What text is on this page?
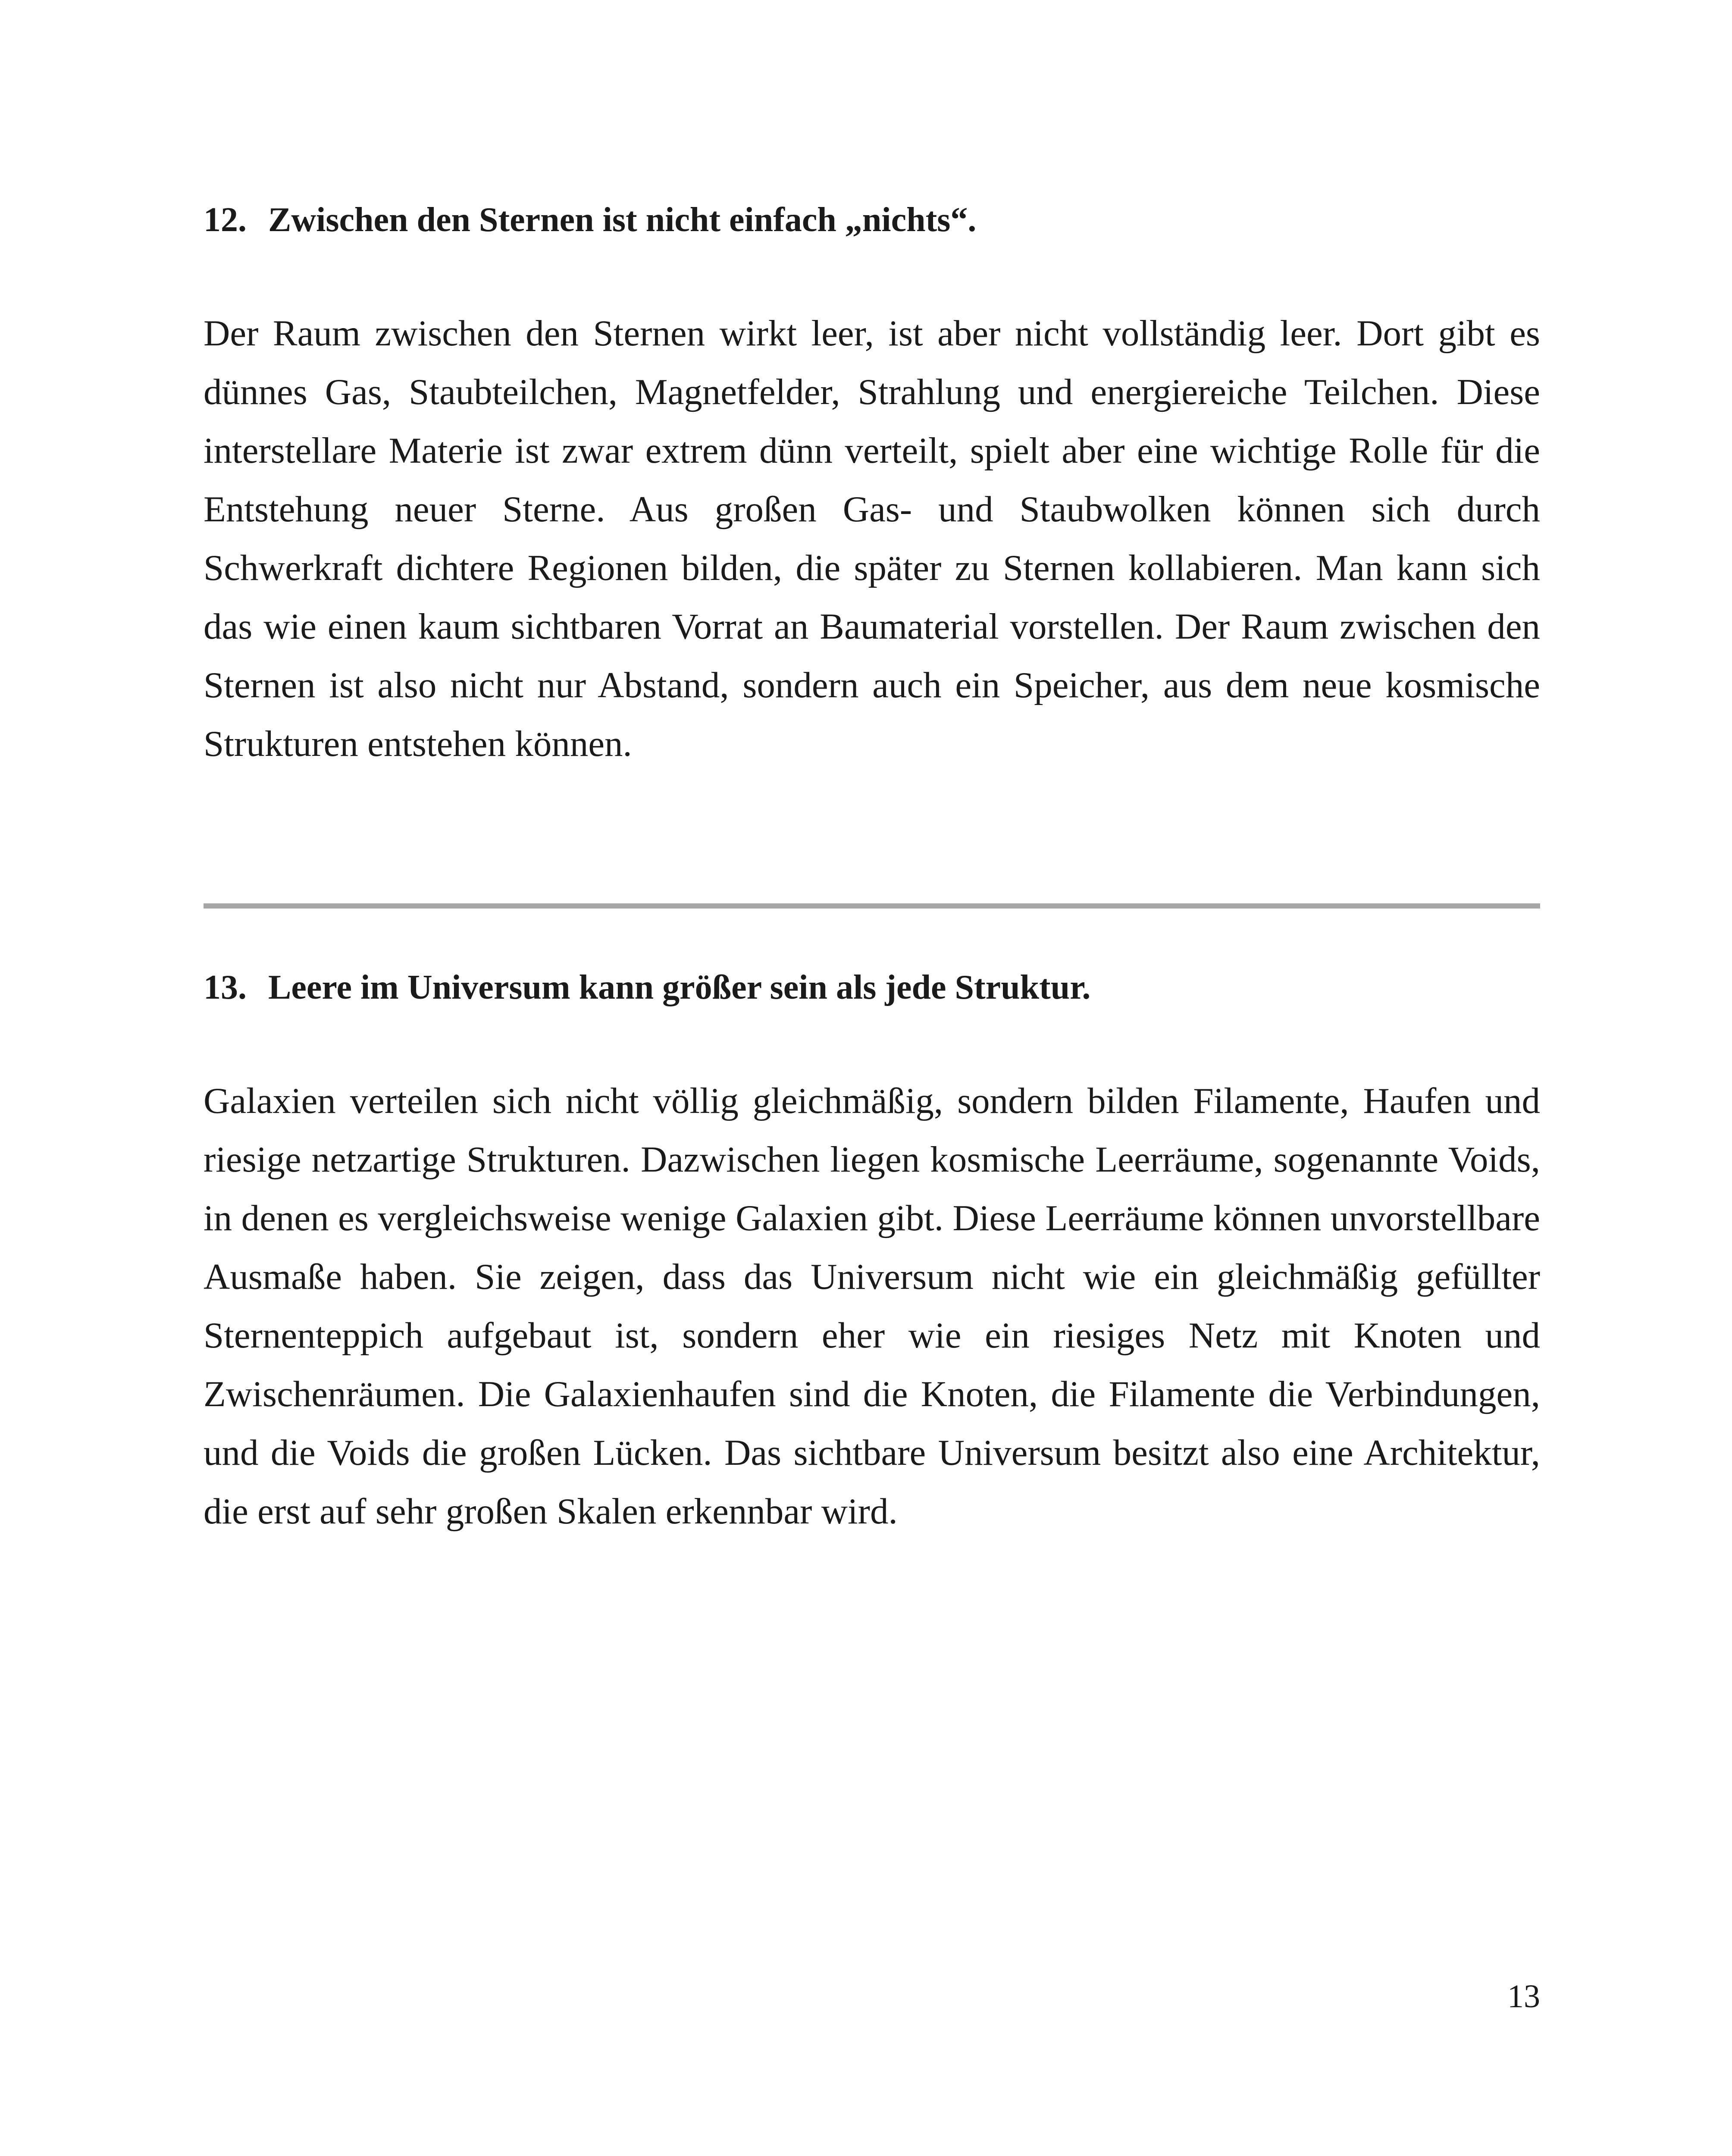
12. Zwischen den Sternen ist nicht einfach „nichts“.

Der Raum zwischen den Sternen wirkt leer, ist aber nicht vollständig leer. Dort gibt es dünnes Gas, Staubteilchen, Magnetfelder, Strahlung und energiereiche Teilchen. Diese interstellare Materie ist zwar extrem dünn verteilt, spielt aber eine wichtige Rolle für die Entstehung neuer Sterne. Aus großen Gas- und Staubwolken können sich durch Schwerkraft dichtere Regionen bilden, die später zu Sternen kollabieren. Man kann sich das wie einen kaum sichtbaren Vorrat an Baumaterial vorstellen. Der Raum zwischen den Sternen ist also nicht nur Abstand, sondern auch ein Speicher, aus dem neue kosmische Strukturen entstehen können.

13. Leere im Universum kann größer sein als jede Struktur.

Galaxien verteilen sich nicht völlig gleichmäßig, sondern bilden Filamente, Haufen und riesige netzartige Strukturen. Dazwischen liegen kosmische Leerräume, sogenannte Voids, in denen es vergleichsweise wenige Galaxien gibt. Diese Leerräume können unvorstellbare Ausmaße haben. Sie zeigen, dass das Universum nicht wie ein gleichmäßig gefüllter Sternenteppich aufgebaut ist, sondern eher wie ein riesiges Netz mit Knoten und Zwischenräumen. Die Galaxienhaufen sind die Knoten, die Filamente die Verbindungen, und die Voids die großen Lücken. Das sichtbare Universum besitzt also eine Architektur, die erst auf sehr großen Skalen erkennbar wird.

13
